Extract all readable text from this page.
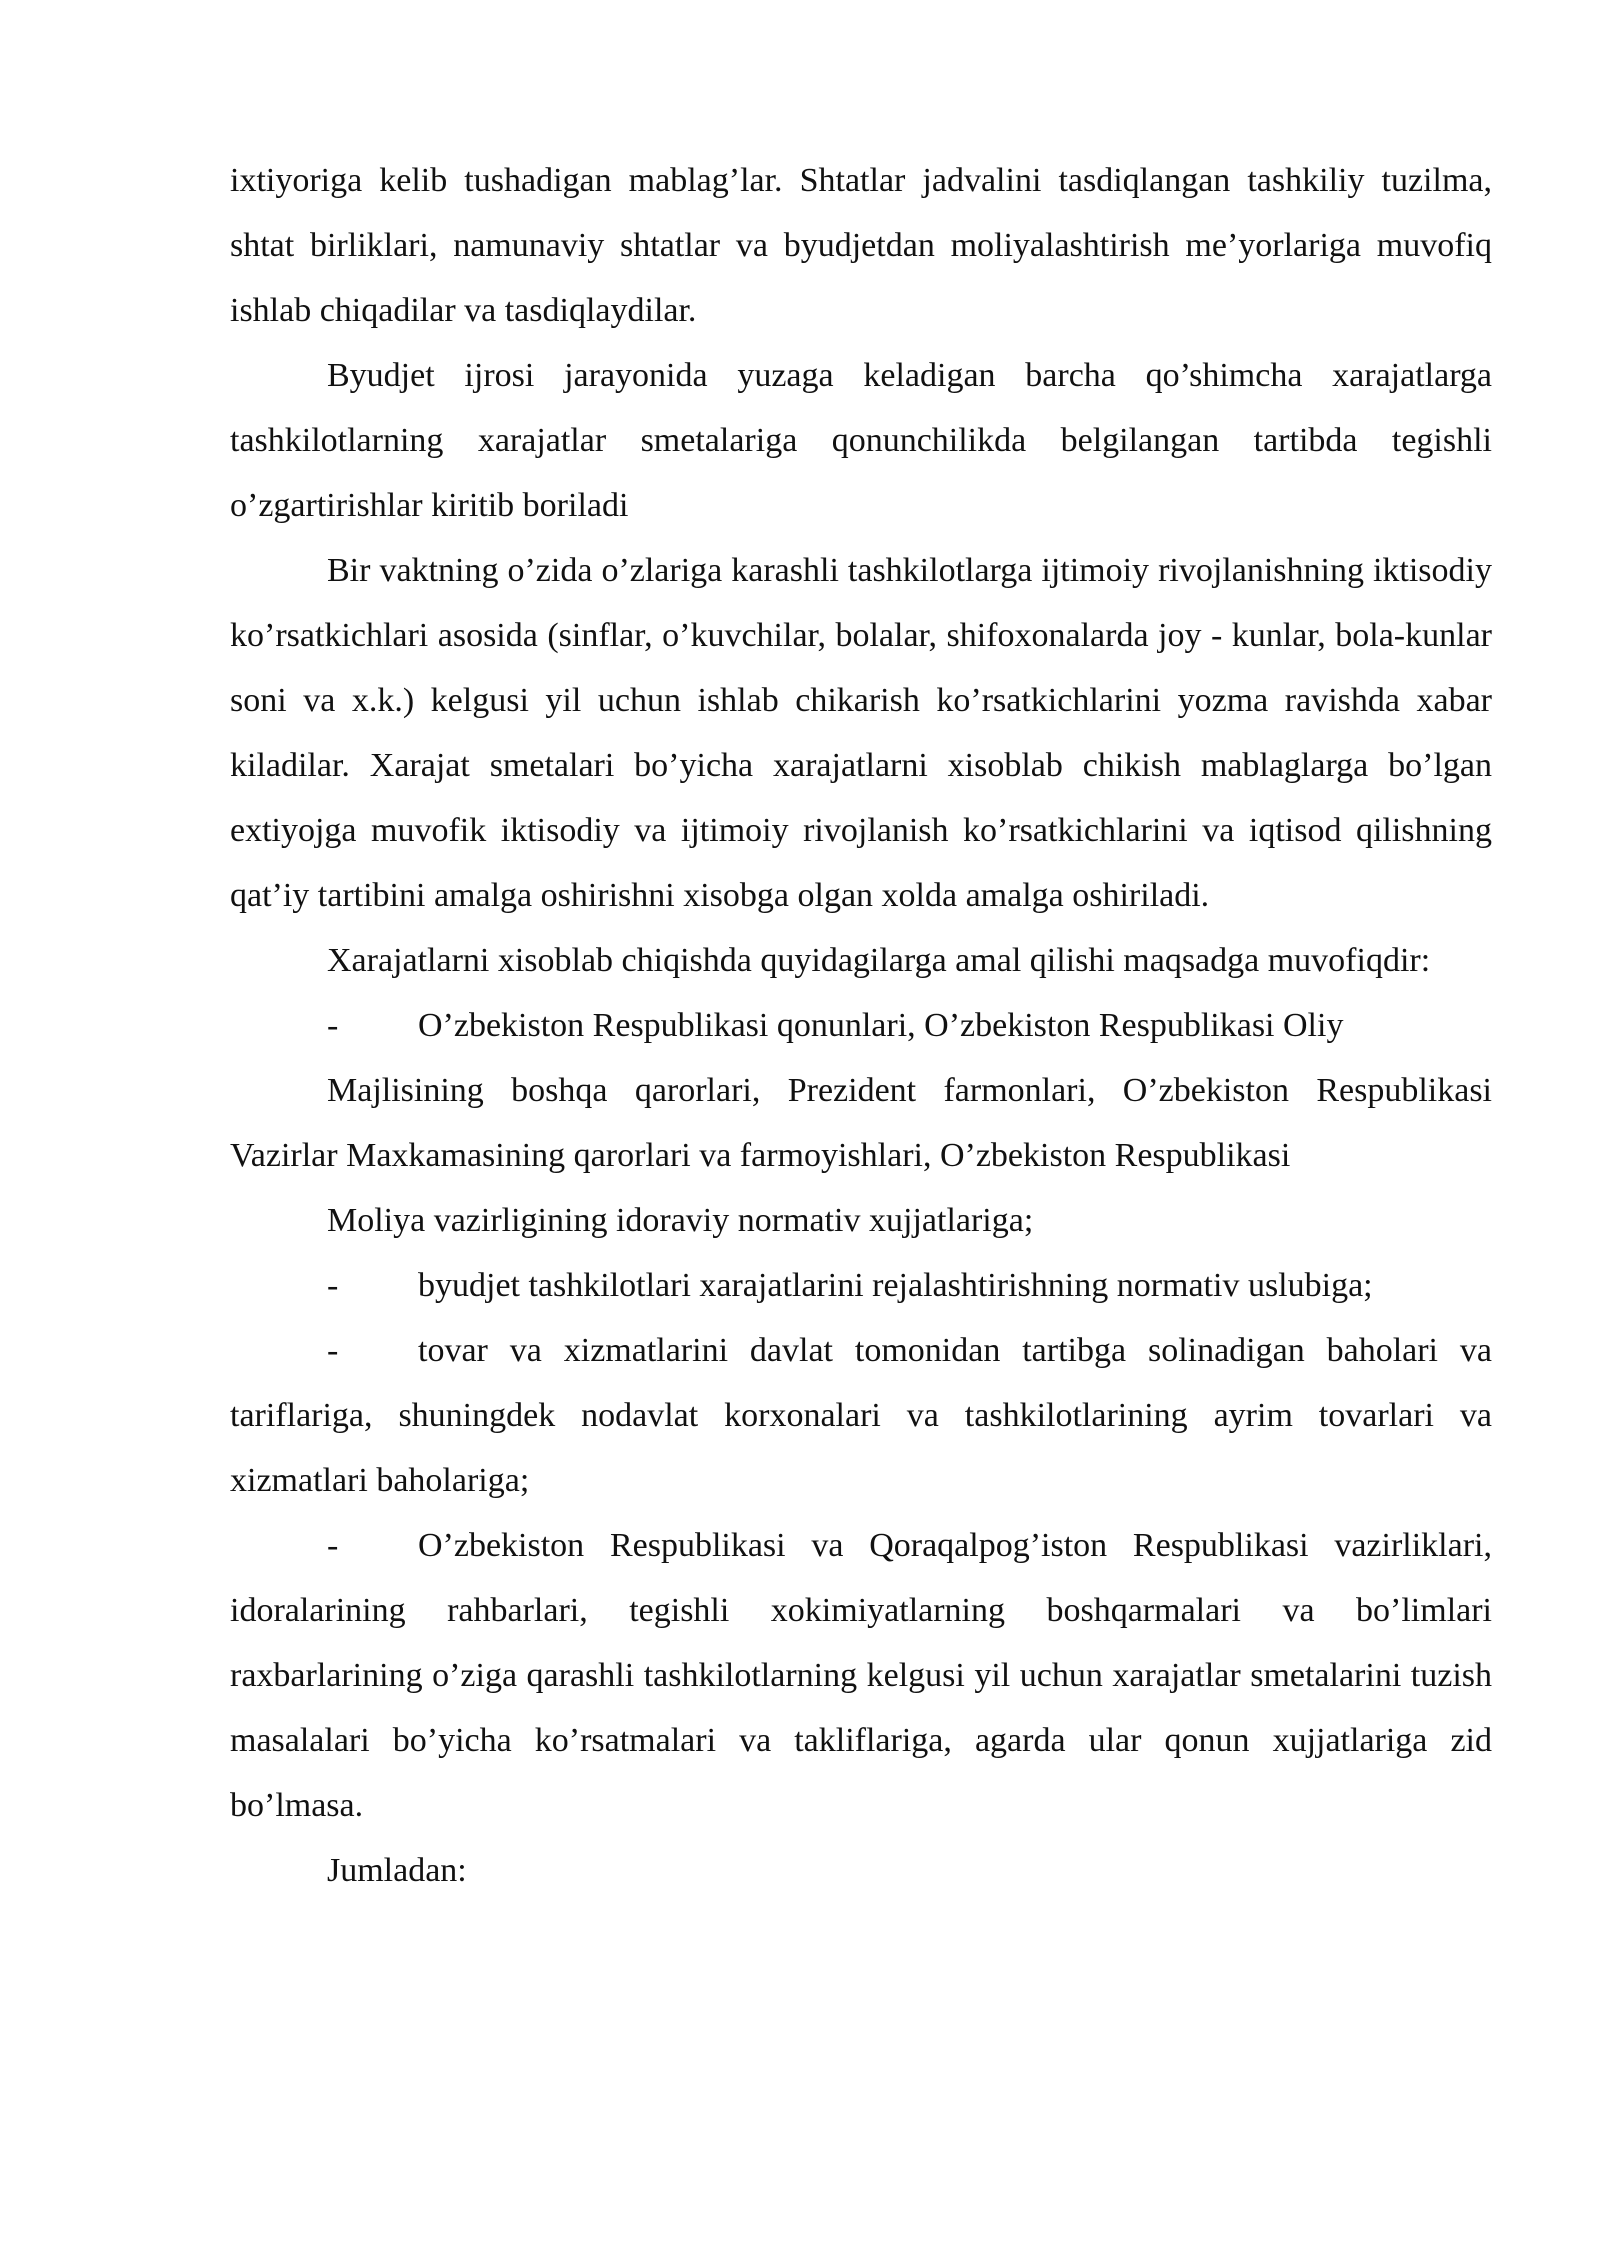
ixtiyoriga kelib tushadigan mablag’lar. Shtatlar jadvalini tasdiqlangan tashkiliy tuzilma, shtat birliklari, namunaviy shtatlar va byudjetdan moliyalashtirish me’yorlariga muvofiq ishlab chiqadilar va tasdiqlaydilar.

Byudjet ijrosi jarayonida yuzaga keladigan barcha qo’shimcha xarajatlarga tashkilotlarning xarajatlar smetalariga qonunchilikda belgilangan tartibda tegishli o’zgartirishlar kiritib boriladi

Bir vaktning o’zida o’zlariga karashli tashkilotlarga ijtimoiy rivojlanishning iktisodiy ko’rsatkichlari asosida (sinflar, o’kuvchilar, bolalar, shifoxonalarda joy - kunlar, bola-kunlar soni va x.k.) kelgusi yil uchun ishlab chikarish ko’rsatkichlarini yozma ravishda xabar kiladilar. Xarajat smetalari bo’yicha xarajatlarni xisoblab chikish mablaglarga bo’lgan extiyojga muvofik iktisodiy va ijtimoiy rivojlanish ko’rsatkichlarini va iqtisod qilishning qat’iy tartibini amalga oshirishni xisobga olgan xolda amalga oshiriladi.

Xarajatlarni xisoblab chiqishda quyidagilarga amal qilishi maqsadga muvofiqdir:

- O’zbekiston Respublikasi qonunlari, O’zbekiston Respublikasi Oliy

Majlisining boshqa qarorlari, Prezident farmonlari, O’zbekiston Respublikasi Vazirlar Maxkamasining qarorlari va farmoyishlari, O’zbekiston Respublikasi

Moliya vazirligining idoraviy normativ xujjatlariga;

- byudjet tashkilotlari xarajatlarini rejalashtirishning normativ uslubiga;
- tovar va xizmatlarini davlat tomonidan tartibga solinadigan baholari va tariflariga, shuningdek nodavlat korxonalari va tashkilotlarining ayrim tovarlari va xizmatlari baholariga;
- O’zbekiston Respublikasi va Qoraqalpog’iston Respublikasi vazirliklari, idoralarining rahbarlari, tegishli xokimiyatlarning boshqarmalari va bo’limlari raxbarlarining o’ziga qarashli tashkilotlarning kelgusi yil uchun xarajatlar smetalarini tuzish masalalari bo’yicha ko’rsatmalari va takliflariga, agarda ular qonun xujjatlariga zid bo’lmasa.

Jumladan:
